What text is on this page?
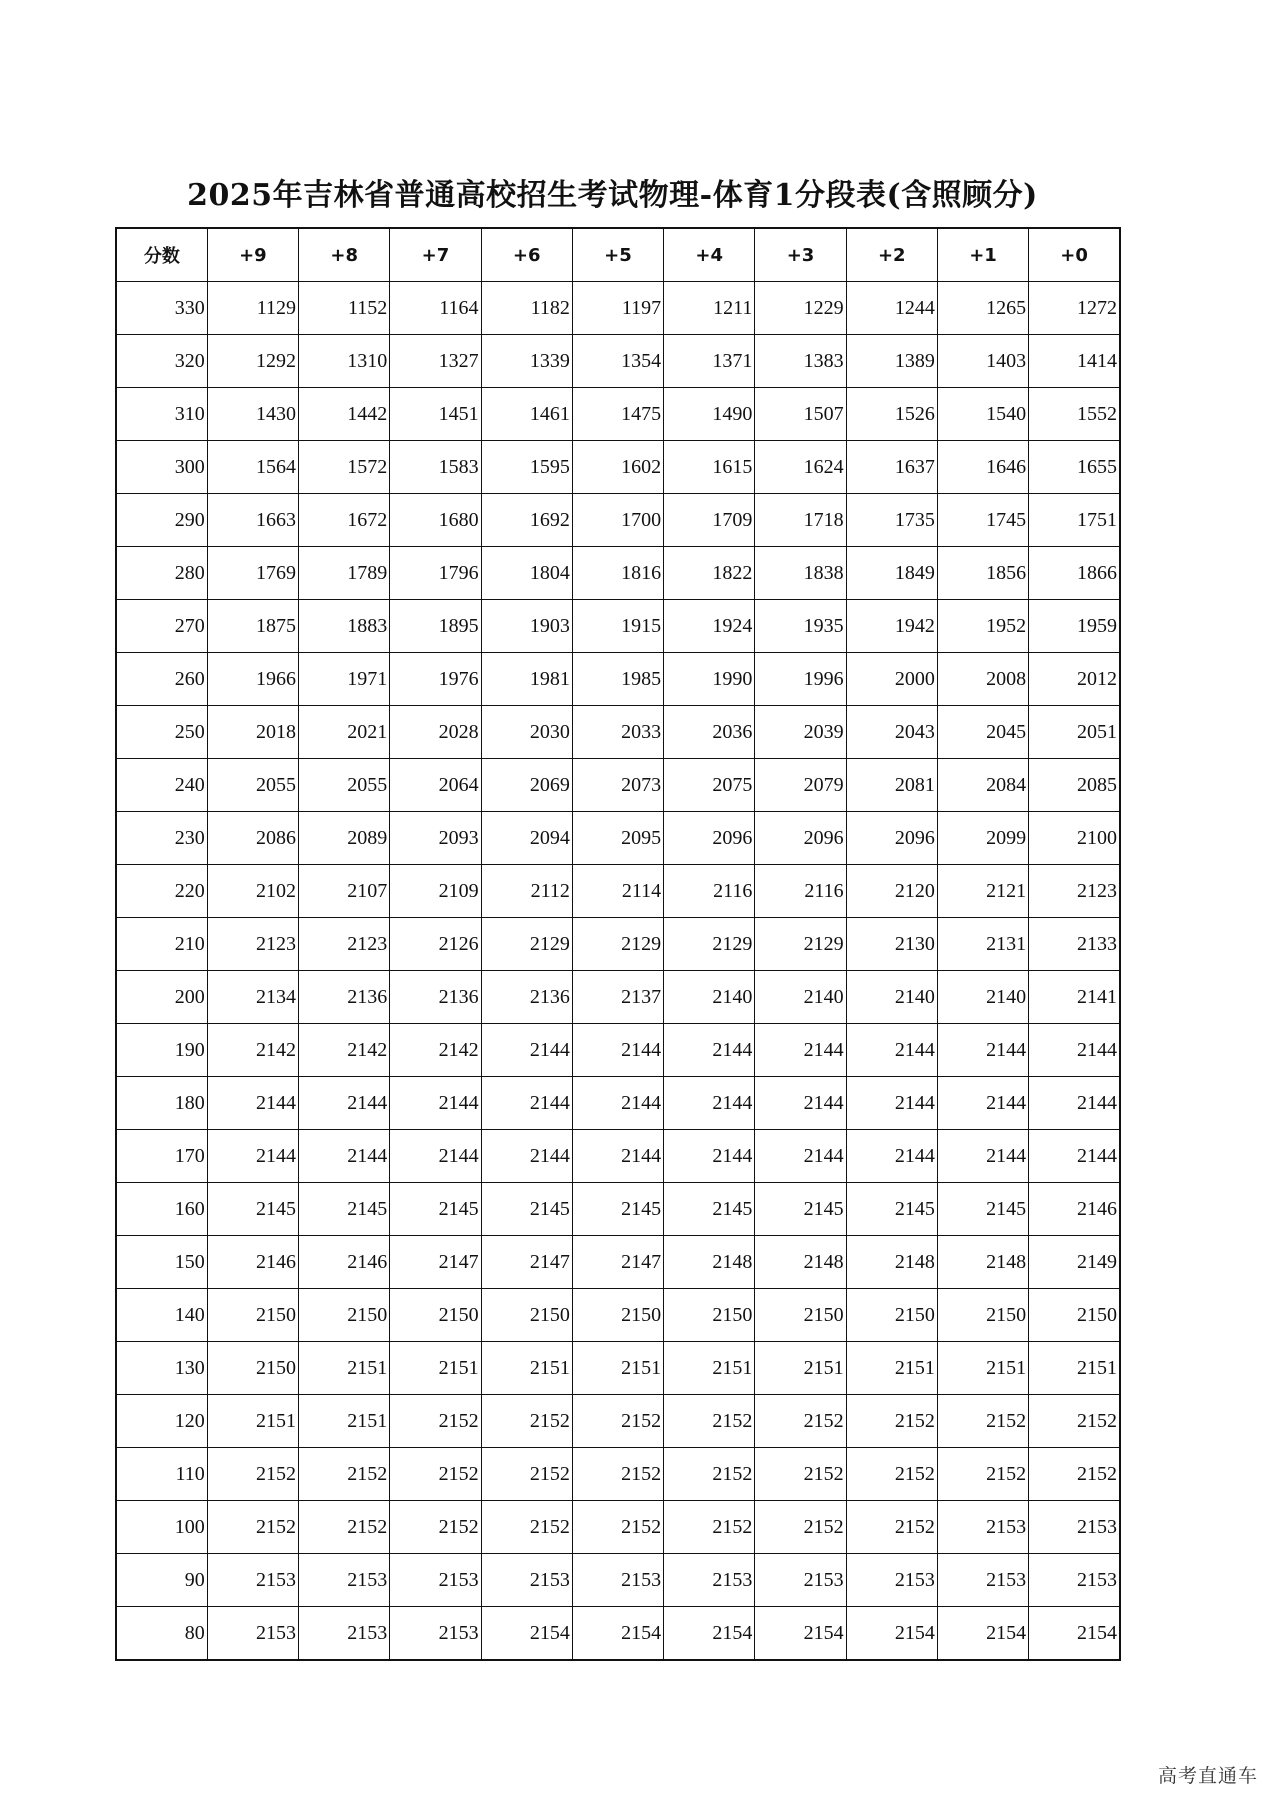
2025年吉林省普通高校招生考试物理-体育1分段表(含照顾分)
分数	+9	+8	+7	+6	+5	+4	+3	+2	+1	+0
330	1129	1152	1164	1182	1197	1211	1229	1244	1265	1272
320	1292	1310	1327	1339	1354	1371	1383	1389	1403	1414
310	1430	1442	1451	1461	1475	1490	1507	1526	1540	1552
300	1564	1572	1583	1595	1602	1615	1624	1637	1646	1655
290	1663	1672	1680	1692	1700	1709	1718	1735	1745	1751
280	1769	1789	1796	1804	1816	1822	1838	1849	1856	1866
270	1875	1883	1895	1903	1915	1924	1935	1942	1952	1959
260	1966	1971	1976	1981	1985	1990	1996	2000	2008	2012
250	2018	2021	2028	2030	2033	2036	2039	2043	2045	2051
240	2055	2055	2064	2069	2073	2075	2079	2081	2084	2085
230	2086	2089	2093	2094	2095	2096	2096	2096	2099	2100
220	2102	2107	2109	2112	2114	2116	2116	2120	2121	2123
210	2123	2123	2126	2129	2129	2129	2129	2130	2131	2133
200	2134	2136	2136	2136	2137	2140	2140	2140	2140	2141
190	2142	2142	2142	2144	2144	2144	2144	2144	2144	2144
180	2144	2144	2144	2144	2144	2144	2144	2144	2144	2144
170	2144	2144	2144	2144	2144	2144	2144	2144	2144	2144
160	2145	2145	2145	2145	2145	2145	2145	2145	2145	2146
150	2146	2146	2147	2147	2147	2148	2148	2148	2148	2149
140	2150	2150	2150	2150	2150	2150	2150	2150	2150	2150
130	2150	2151	2151	2151	2151	2151	2151	2151	2151	2151
120	2151	2151	2152	2152	2152	2152	2152	2152	2152	2152
110	2152	2152	2152	2152	2152	2152	2152	2152	2152	2152
100	2152	2152	2152	2152	2152	2152	2152	2152	2153	2153
90	2153	2153	2153	2153	2153	2153	2153	2153	2153	2153
80	2153	2153	2153	2154	2154	2154	2154	2154	2154	2154
高考直通车
